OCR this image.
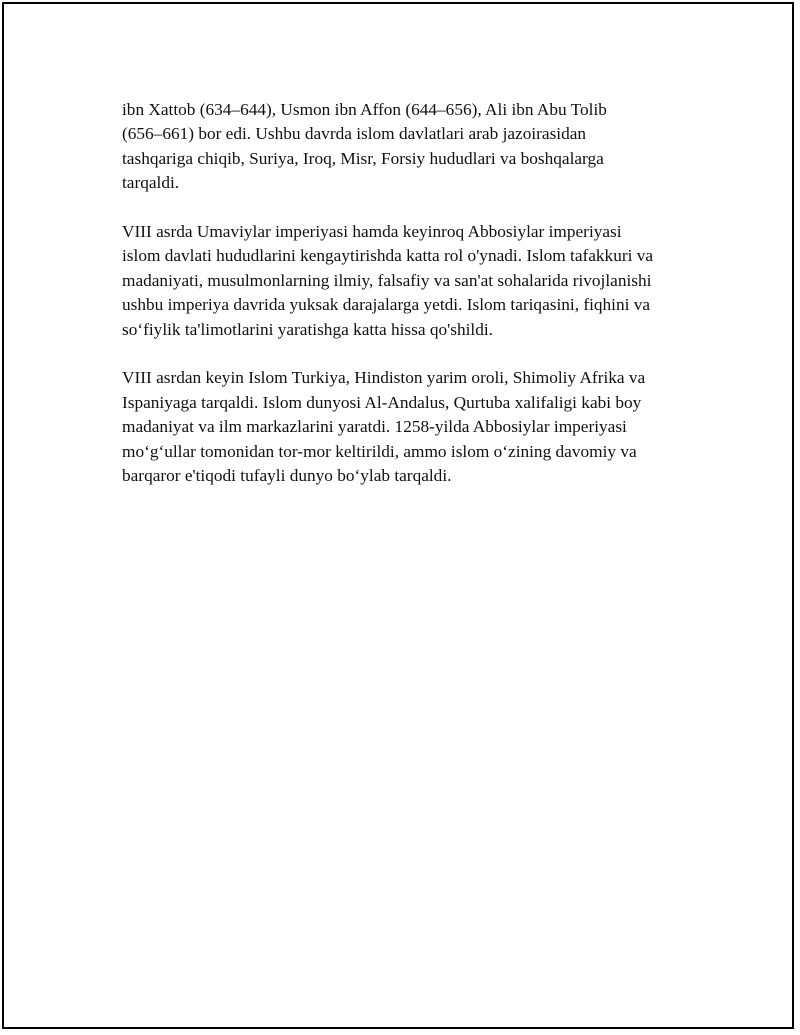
ibn Xattob (634–644), Usmon ibn Affon (644–656), Ali ibn Abu Tolib
(656–661) bor edi. Ushbu davrda islom davlatlari arab jazoirasidan
tashqariga chiqib, Suriya, Iroq, Misr, Forsiy hududlari va boshqalarga
tarqaldi.

VIII asrda Umaviylar imperiyasi hamda keyinroq Abbosiylar imperiyasi
islom davlati hududlarini kengaytirishda katta rol o'ynadi. Islom tafakkuri va
madaniyati, musulmonlarning ilmiy, falsafiy va san'at sohalarida rivojlanishi
ushbu imperiya davrida yuksak darajalarga yetdi. Islom tariqasini, fiqhini va
so‘fiylik ta'limotlarini yaratishga katta hissa qo'shildi.

VIII asrdan keyin Islom Turkiya, Hindiston yarim oroli, Shimoliy Afrika va
Ispaniyaga tarqaldi. Islom dunyosi Al-Andalus, Qurtuba xalifaligi kabi boy
madaniyat va ilm markazlarini yaratdi. 1258-yilda Abbosiylar imperiyasi
mo‘g‘ullar tomonidan tor-mor keltirildi, ammo islom o‘zining davomiy va
barqaror e'tiqodi tufayli dunyo bo‘ylab tarqaldi.
